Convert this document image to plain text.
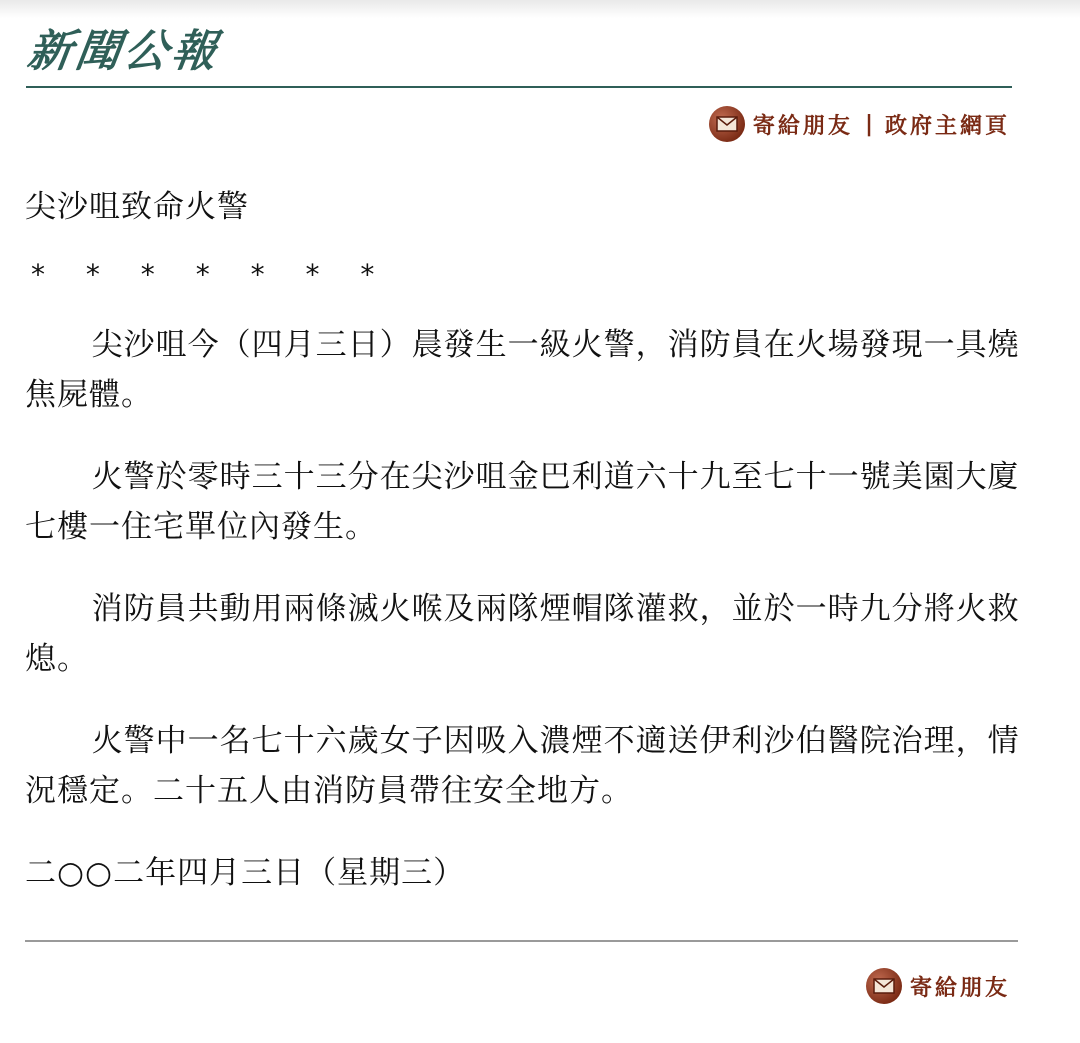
新聞公報
寄給朋友 | 政府主網頁
尖沙咀致命火警
* * * * * * *

尖沙咀今（四月三日）晨發生一級火警，消防員在火場發現一具燒焦屍體。

火警於零時三十三分在尖沙咀金巴利道六十九至七十一號美園大廈七樓一住宅單位內發生。

消防員共動用兩條滅火喉及兩隊煙帽隊灌救，並於一時九分將火救熄。

火警中一名七十六歲女子因吸入濃煙不適送伊利沙伯醫院治理，情況穩定。二十五人由消防員帶往安全地方。

二○○二年四月三日（星期三）

寄給朋友
